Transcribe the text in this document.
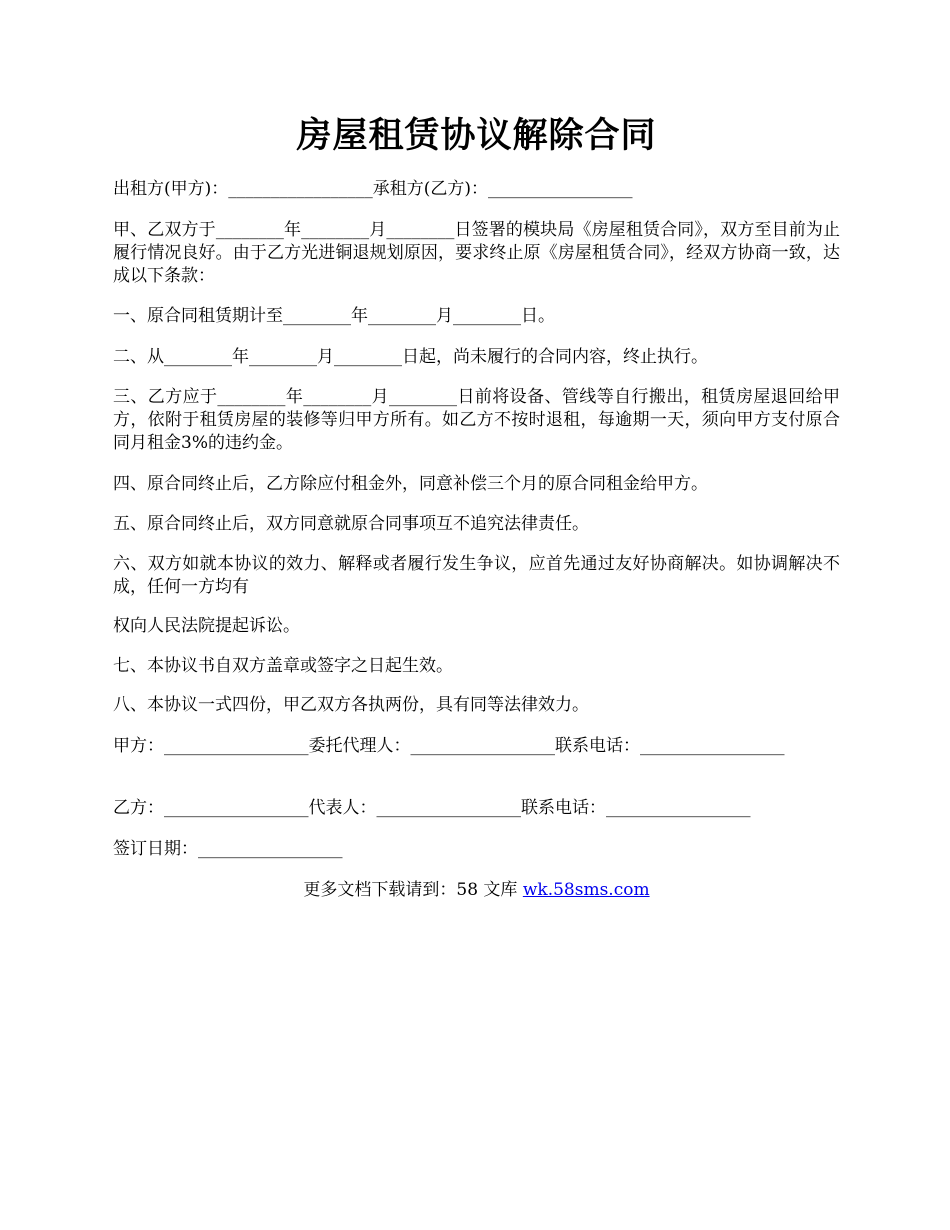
房屋租赁协议解除合同
出租方(甲方)：_________________承租方(乙方)：_________________
甲、乙双方于________年________月________日签署的模块局《房屋租赁合同》，双方至目前为止履行情况良好。由于乙方光进铜退规划原因，要求终止原《房屋租赁合同》，经双方协商一致，达成以下条款：
一、原合同租赁期计至________年________月________日。
二、从________年________月________日起，尚未履行的合同内容，终止执行。
三、乙方应于________年________月________日前将设备、管线等自行搬出，租赁房屋退回给甲方，依附于租赁房屋的装修等归甲方所有。如乙方不按时退租，每逾期一天，须向甲方支付原合同月租金3%的违约金。
四、原合同终止后，乙方除应付租金外，同意补偿三个月的原合同租金给甲方。
五、原合同终止后，双方同意就原合同事项互不追究法律责任。
六、双方如就本协议的效力、解释或者履行发生争议，应首先通过友好协商解决。如协调解决不成，任何一方均有
权向人民法院提起诉讼。
七、本协议书自双方盖章或签字之日起生效。
八、本协议一式四份，甲乙双方各执两份，具有同等法律效力。
甲方：_________________委托代理人：_________________联系电话：_________________
乙方：_________________代表人：_________________联系电话：_________________
签订日期：_________________
更多文档下载请到：58 文库 wk.58sms.com
